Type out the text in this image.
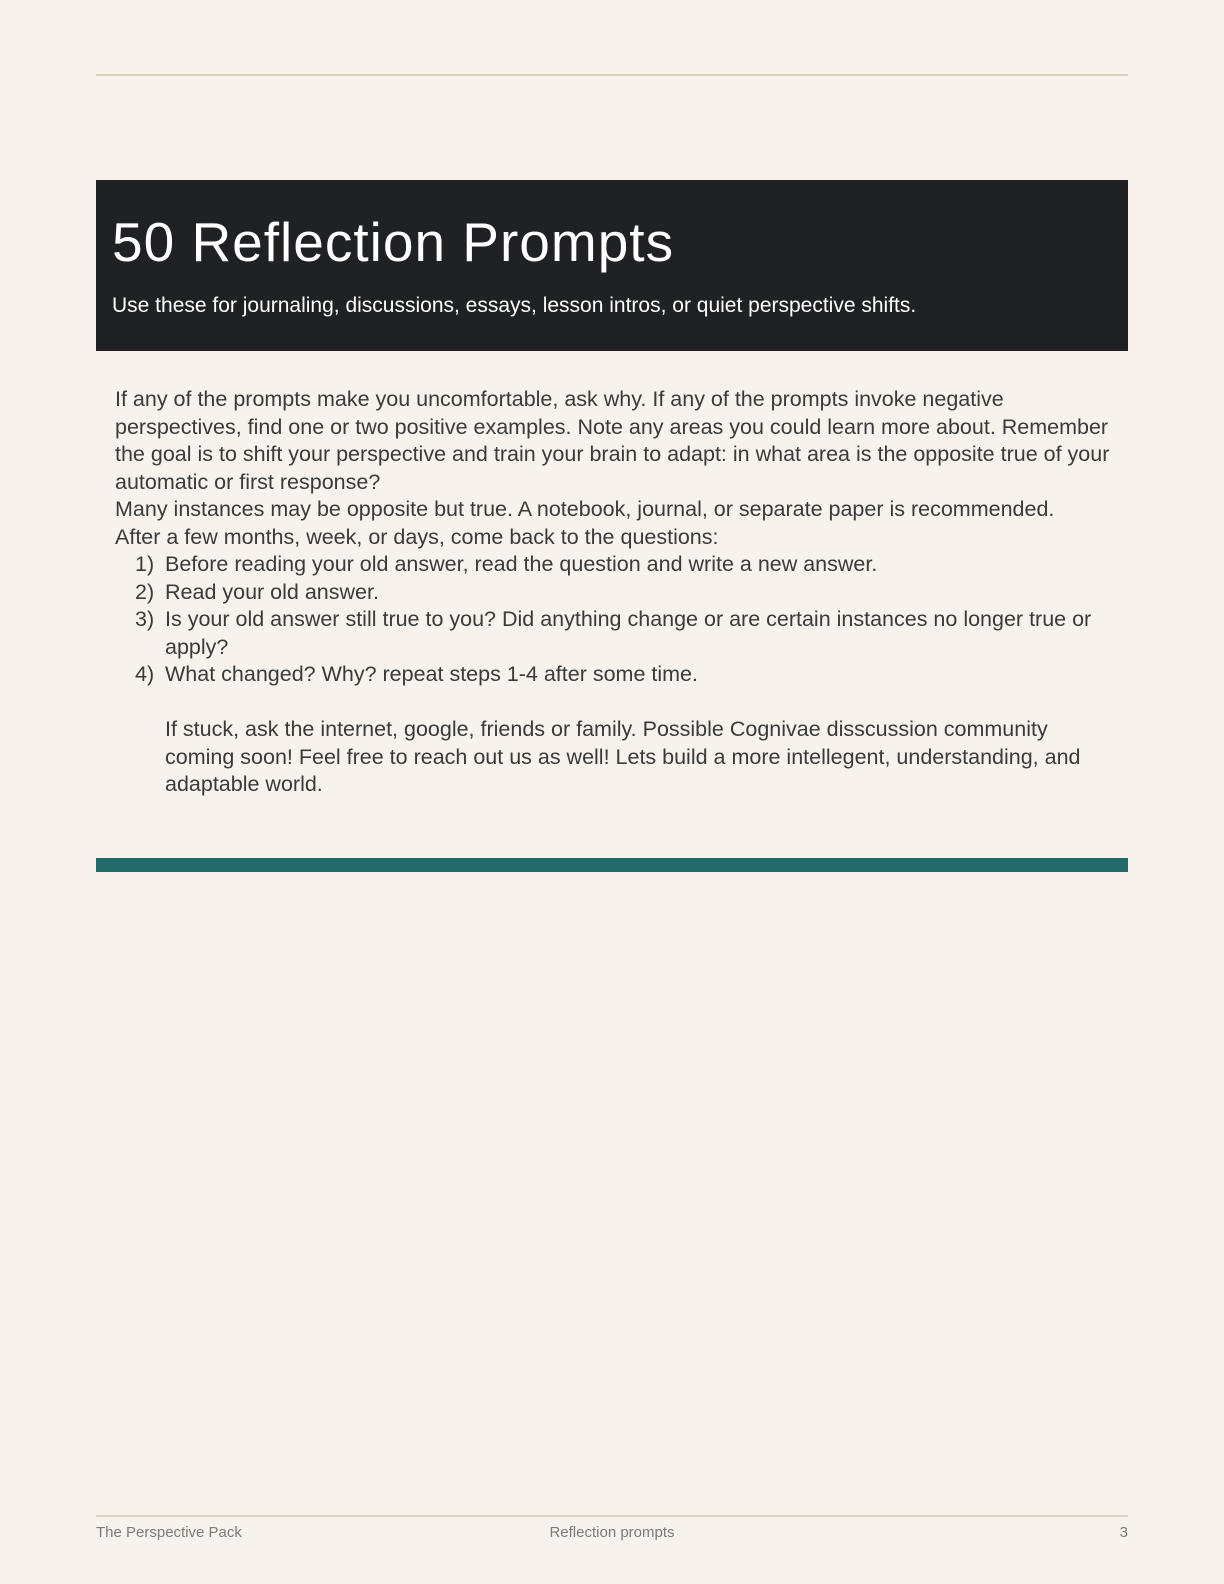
50 Reflection Prompts

Use these for journaling, discussions, essays, lesson intros, or quiet perspective shifts.

If any of the prompts make you uncomfortable, ask why. If any of the prompts invoke negative perspectives, find one or two positive examples. Note any areas you could learn more about. Remember the goal is to shift your perspective and train your brain to adapt: in what area is the opposite true of your automatic or first response?

Many instances may be opposite but true. A notebook, journal, or separate paper is recommended.

After a few months, week, or days, come back to the questions:

1) Before reading your old answer, read the question and write a new answer.
2) Read your old answer.
3) Is your old answer still true to you? Did anything change or are certain instances no longer true or apply?
4) What changed? Why? repeat steps 1-4 after some time.

If stuck, ask the internet, google, friends or family. Possible Cognivae disscussion community coming soon! Feel free to reach out us as well! Lets build a more intellegent, understanding, and adaptable world.

The Perspective Pack	Reflection prompts	3
